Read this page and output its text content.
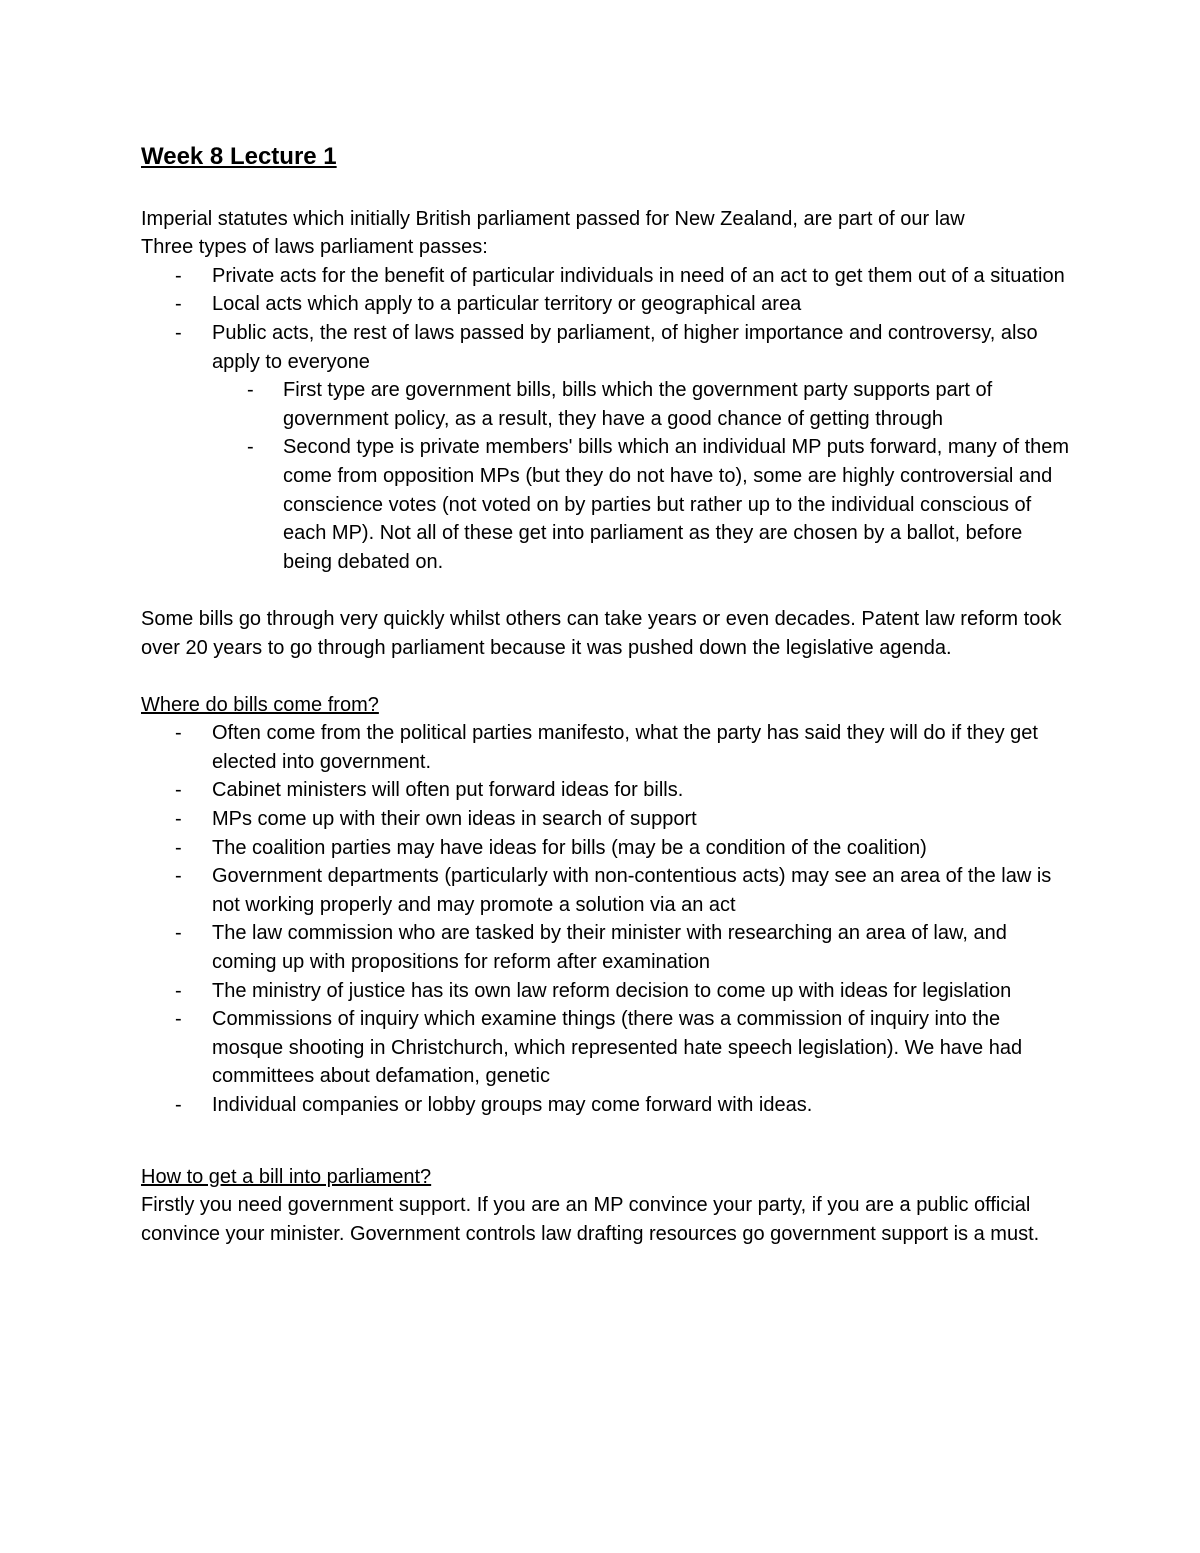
Week 8 Lecture 1

Imperial statutes which initially British parliament passed for New Zealand, are part of our law

Three types of laws parliament passes:

- Private acts for the benefit of particular individuals in need of an act to get them out of a situation
- Local acts which apply to a particular territory or geographical area
- Public acts, the rest of laws passed by parliament, of higher importance and controversy, also apply to everyone
- First type are government bills, bills which the government party supports part of government policy, as a result, they have a good chance of getting through
- Second type is private members' bills which an individual MP puts forward, many of them come from opposition MPs (but they do not have to), some are highly controversial and conscience votes (not voted on by parties but rather up to the individual conscious of each MP). Not all of these get into parliament as they are chosen by a ballot, before being debated on.

Some bills go through very quickly whilst others can take years or even decades. Patent law reform took over 20 years to go through parliament because it was pushed down the legislative agenda.

Where do bills come from?

- Often come from the political parties manifesto, what the party has said they will do if they get elected into government.
- Cabinet ministers will often put forward ideas for bills.
- MPs come up with their own ideas in search of support
- The coalition parties may have ideas for bills (may be a condition of the coalition)
- Government departments (particularly with non-contentious acts) may see an area of the law is not working properly and may promote a solution via an act
- The law commission who are tasked by their minister with researching an area of law, and coming up with propositions for reform after examination
- The ministry of justice has its own law reform decision to come up with ideas for legislation
- Commissions of inquiry which examine things (there was a commission of inquiry into the mosque shooting in Christchurch, which represented hate speech legislation). We have had committees about defamation, genetic
- Individual companies or lobby groups may come forward with ideas.

How to get a bill into parliament?

Firstly you need government support. If you are an MP convince your party, if you are a public official convince your minister. Government controls law drafting resources go government support is a must.
